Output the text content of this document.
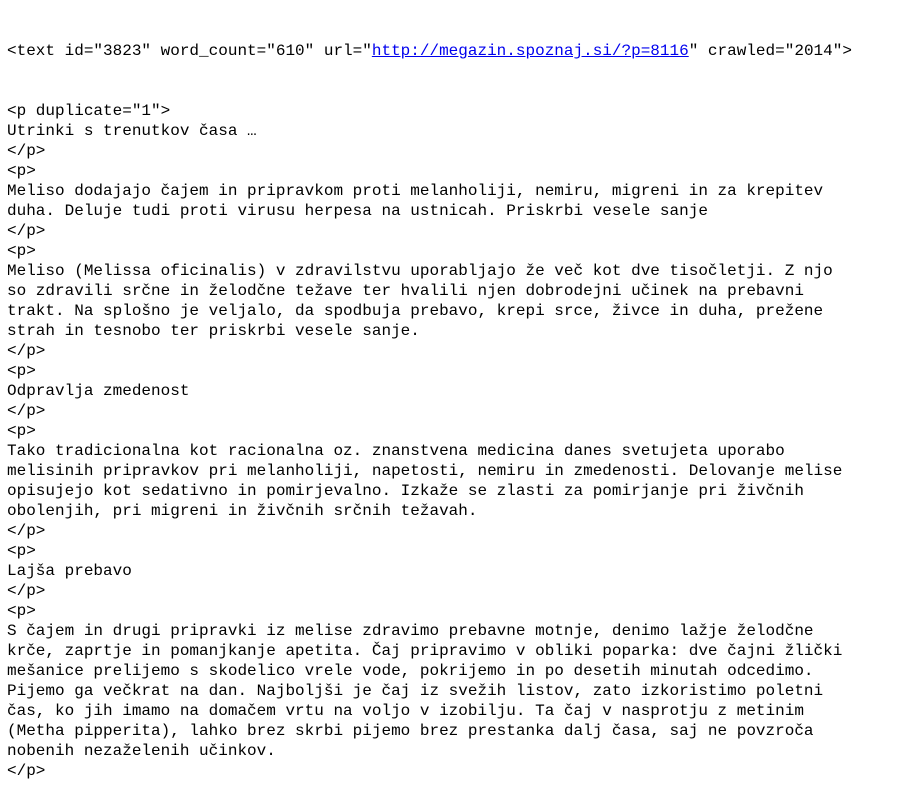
<text id="3823" word_count="610" url="http://megazin.spoznaj.si/?p=8116" crawled="2014">

<p duplicate="1">
Utrinki s trenutkov časa …
</p>
<p>
Meliso dodajajo čajem in pripravkom proti melanholiji, nemiru, migreni in za krepitev
duha. Deluje tudi proti virusu herpesa na ustnicah. Priskrbi vesele sanje
</p>
<p>
Meliso (Melissa oficinalis) v zdravilstvu uporabljajo že več kot dve tisočletji. Z njo
so zdravili srčne in želodčne težave ter hvalili njen dobrodejni učinek na prebavni
trakt. Na splošno je veljalo, da spodbuja prebavo, krepi srce, živce in duha, prežene
strah in tesnobo ter priskrbi vesele sanje.
</p>
<p>
Odpravlja zmedenost
</p>
<p>
Tako tradicionalna kot racionalna oz. znanstvena medicina danes svetujeta uporabo
melisinih pripravkov pri melanholiji, napetosti, nemiru in zmedenosti. Delovanje melise
opisujejo kot sedativno in pomirjevalno. Izkaže se zlasti za pomirjanje pri živčnih
obolenjih, pri migreni in živčnih srčnih težavah.
</p>
<p>
Lajša prebavo
</p>
<p>
S čajem in drugi pripravki iz melise zdravimo prebavne motnje, denimo lažje želodčne
krče, zaprtje in pomanjkanje apetita. Čaj pripravimo v obliki poparka: dve čajni žlički
mešanice prelijemo s skodelico vrele vode, pokrijemo in po desetih minutah odcedimo.
Pijemo ga večkrat na dan. Najboljši je čaj iz svežih listov, zato izkoristimo poletni
čas, ko jih imamo na domačem vrtu na voljo v izobilju. Ta čaj v nasprotju z metinim
(Metha pipperita), lahko brez skrbi pijemo brez prestanka dalj časa, saj ne povzroča
nobenih nezaželenih učinkov.
</p>
